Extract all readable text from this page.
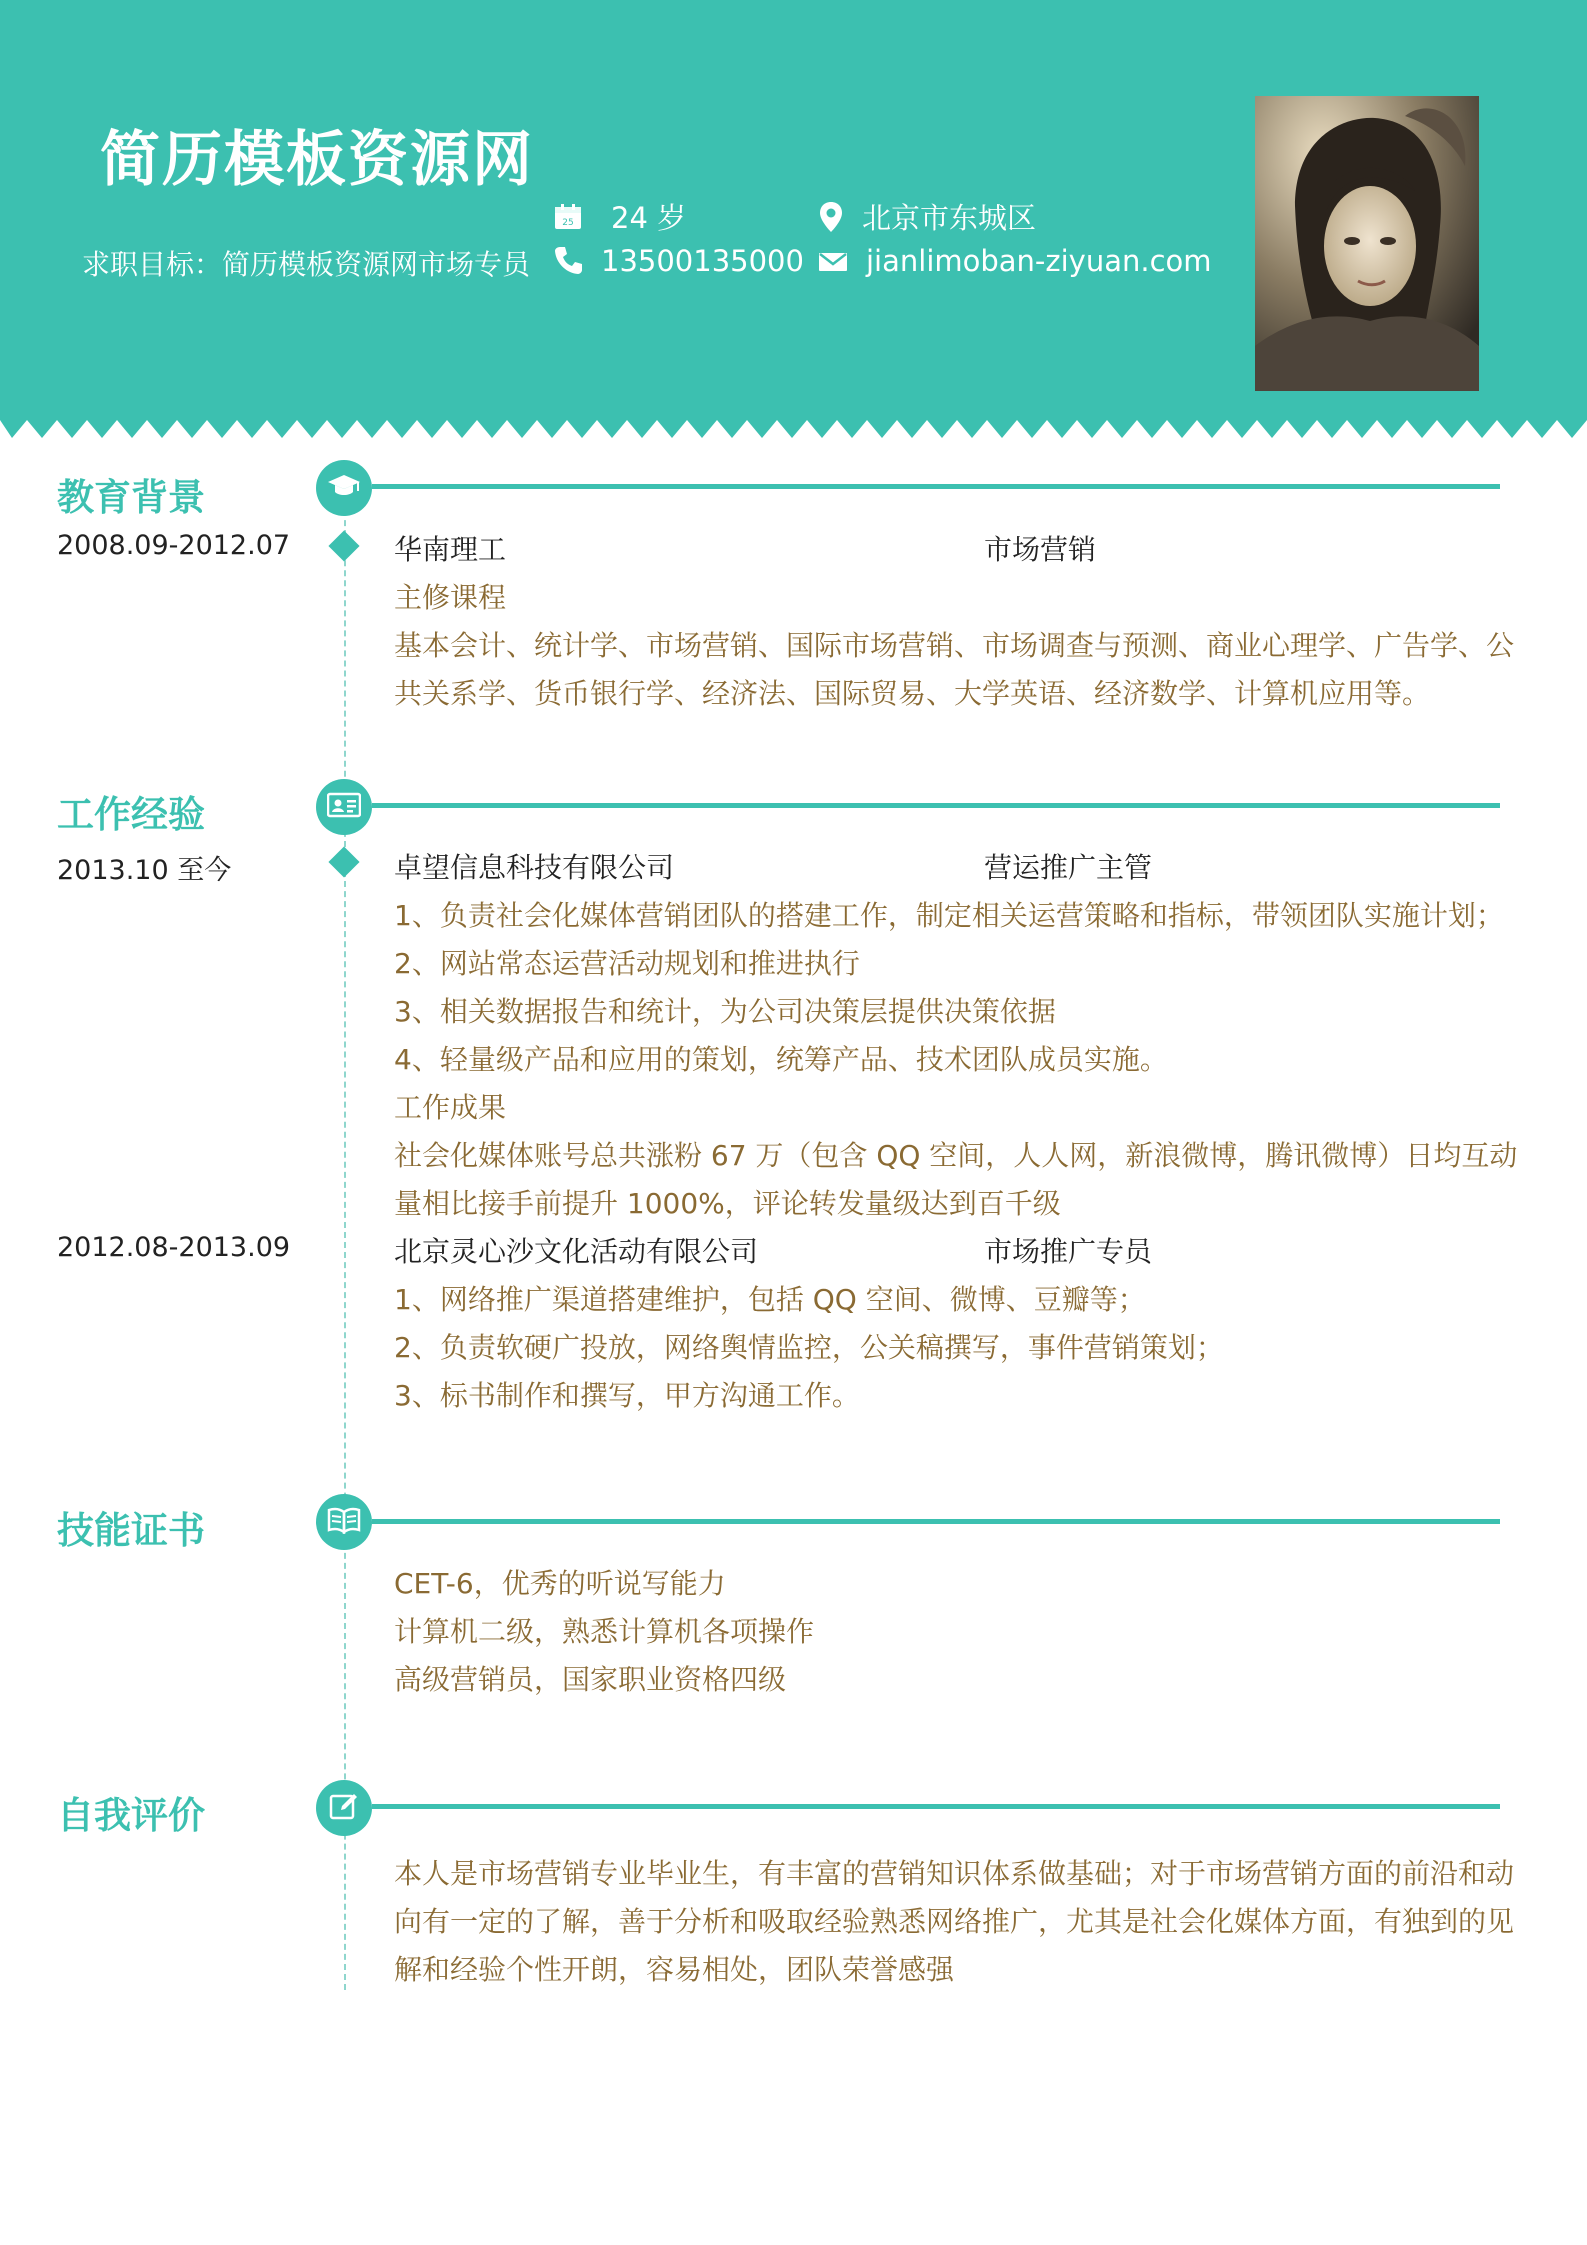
简历模板资源网
求职目标：简历模板资源网市场专员
25 24 岁	北京市东城区
13500135000	jianlimoban-ziyuan.com
教育背景
2008.09-2012.07	华南理工	市场营销
主修课程
基本会计、统计学、市场营销、国际市场营销、市场调查与预测、商业心理学、广告学、公
共关系学、货币银行学、经济法、国际贸易、大学英语、经济数学、计算机应用等。
工作经验
2013.10 至今	卓望信息科技有限公司	营运推广主管
1、负责社会化媒体营销团队的搭建工作，制定相关运营策略和指标，带领团队实施计划；
2、网站常态运营活动规划和推进执行
3、相关数据报告和统计，为公司决策层提供决策依据
4、轻量级产品和应用的策划，统筹产品、技术团队成员实施。
工作成果
社会化媒体账号总共涨粉 67 万（包含 QQ 空间，人人网，新浪微博，腾讯微博）日均互动
量相比接手前提升 1000%，评论转发量级达到百千级
2012.08-2013.09	北京灵心沙文化活动有限公司	市场推广专员
1、网络推广渠道搭建维护，包括 QQ 空间、微博、豆瓣等；
2、负责软硬广投放，网络舆情监控，公关稿撰写，事件营销策划；
3、标书制作和撰写，甲方沟通工作。
技能证书
CET-6，优秀的听说写能力
计算机二级，熟悉计算机各项操作
高级营销员，国家职业资格四级
自我评价
本人是市场营销专业毕业生，有丰富的营销知识体系做基础；对于市场营销方面的前沿和动
向有一定的了解，善于分析和吸取经验熟悉网络推广，尤其是社会化媒体方面，有独到的见
解和经验个性开朗，容易相处，团队荣誉感强
